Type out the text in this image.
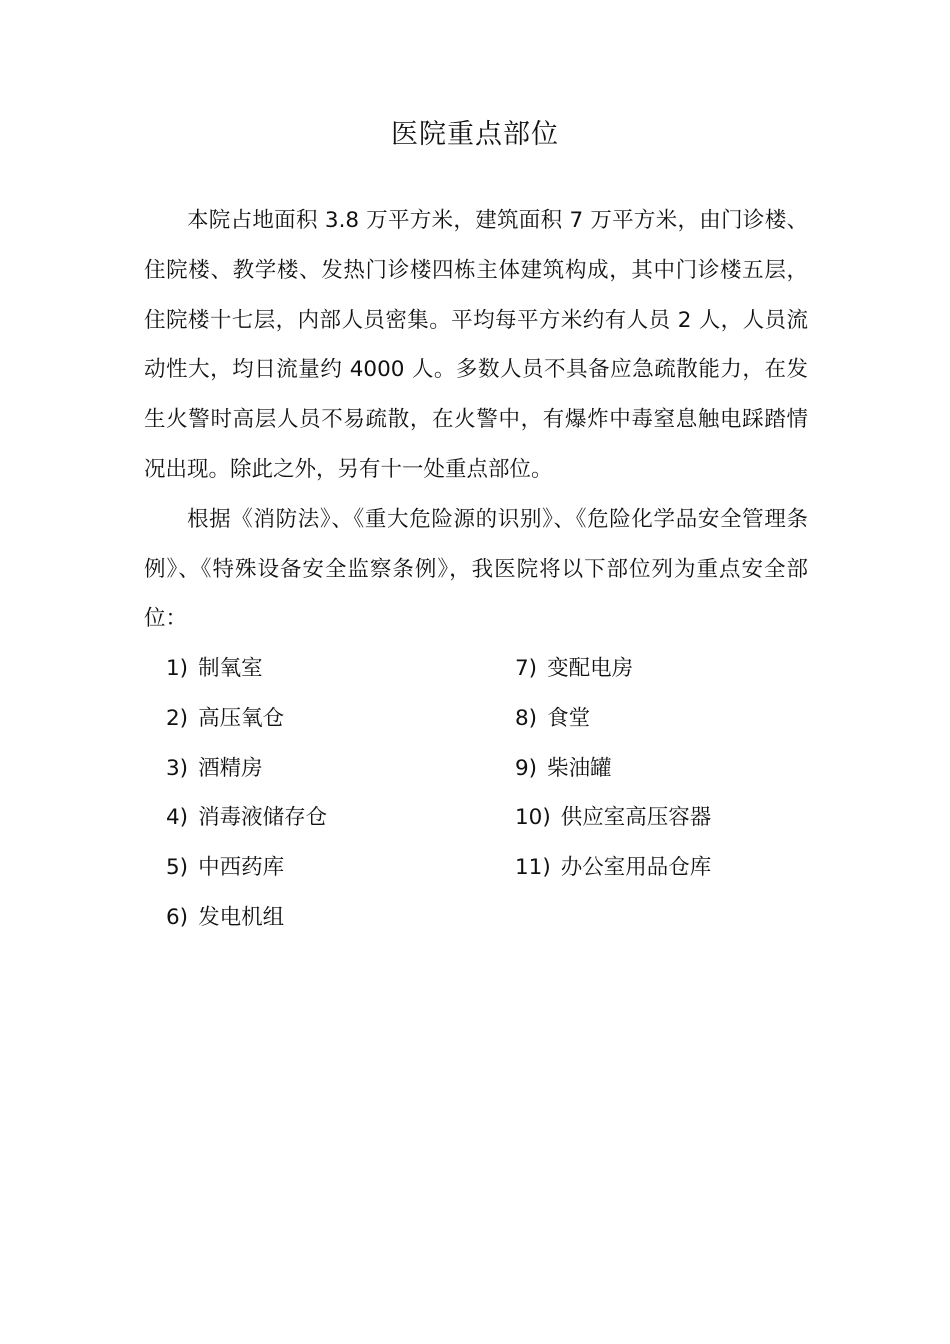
医院重点部位

本院占地面积 3.8 万平方米，建筑面积 7 万平方米，由门诊楼、住院楼、教学楼、发热门诊楼四栋主体建筑构成，其中门诊楼五层，住院楼十七层，内部人员密集。平均每平方米约有人员 2 人，人员流动性大，均日流量约 4000 人。多数人员不具备应急疏散能力，在发生火警时高层人员不易疏散，在火警中，有爆炸中毒窒息触电踩踏情况出现。除此之外，另有十一处重点部位。

根据《消防法》、《重大危险源的识别》、《危险化学品安全管理条例》、《特殊设备安全监察条例》，我医院将以下部位列为重点安全部位：

1) 制氧室
2) 高压氧仓
3) 酒精房
4) 消毒液储存仓
5) 中西药库
6) 发电机组
7) 变配电房
8) 食堂
9) 柴油罐
10) 供应室高压容器
11) 办公室用品仓库
